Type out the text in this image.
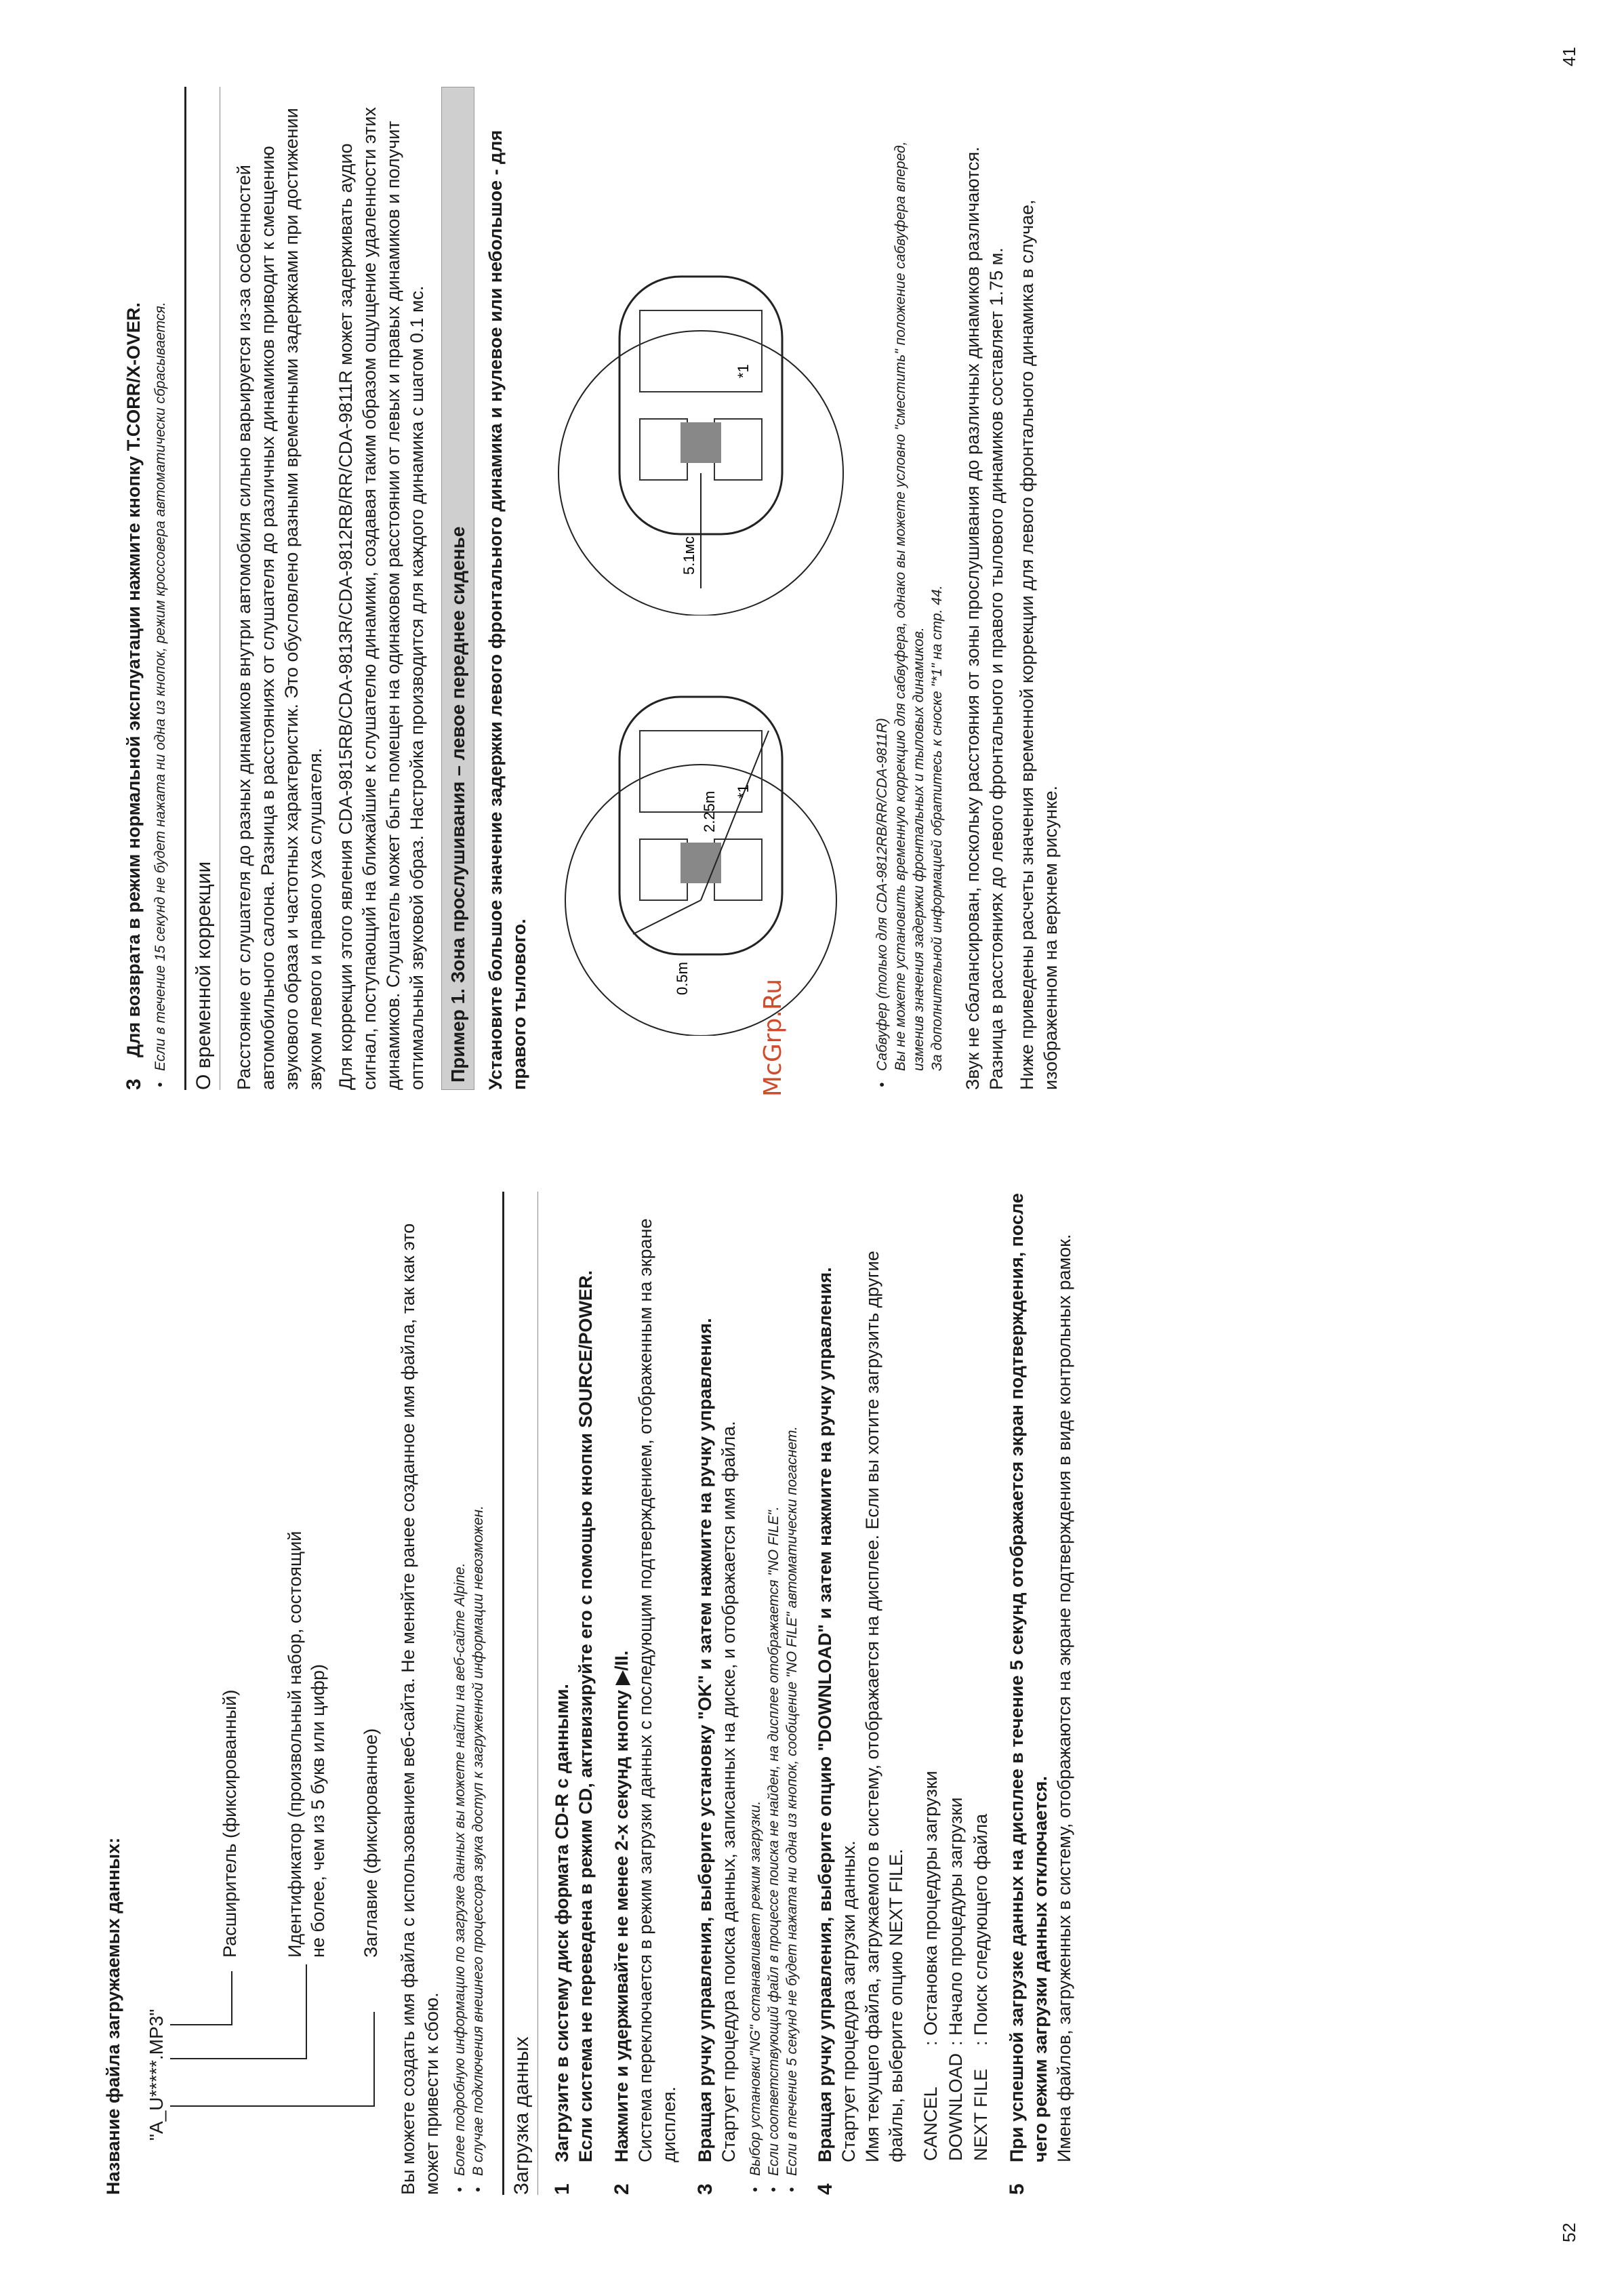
52

Название файла загружаемых данных: "A_U*****.MP3"
Расширитель (фиксированный) Идентификатор (произвольный набор, состоящий не более, чем из 5 букв или цифр) Заглавие (фиксированное) Вы можете создать имя файла с использованием веб-сайта. Не меняйте ранее созданное имя файла, так как это может привести к сбою. • Более подробную информацию по загрузке данных вы можете найти на веб-сайте Alpine. • В случае подключения внешнего процессора звука доступ к загруженной информации невозможен.	Загрузка данных 1
Загрузите в систему диск формата CD-R с данными. Если система не переведена в режим CD, активизируйте его с помощью кнопки SOURCE/POWER.
2
Нажмите и удерживайте не менее 2-х секунд кнопку ▶/II. Система переключается в режим загрузки данных с последующим подтверждением, отображенным на экране дисплея.
3
Вращая ручку управления, выберите установку "OK" и затем нажмите на ручку управления. Стартует процедура поиска данных, записанных на диске, и отображается имя файла. • Выбор установки"NG" останавливает режим загрузки. • Если соответствующий файл в процессе поиска не найден, на дисплее отображается "NO FILE". • Если в течение 5 секунд не будет нажата ни одна из кнопок, сообщение "NO FILE" автоматически погаснет.
4
Вращая ручку управления, выберите опцию "DOWNLOAD" и затем нажмите на ручку управления. Стартует процедура загрузки данных. Имя текущего файла, загружаемого в систему, отображается на дисплее. Если вы хотите загрузить другие файлы, выберите опцию NEXT FILE. CANCEL
: Остановка процедуры загрузки
DOWNLOAD
: Начало процедуры загрузки
NEXT FILE
: Поиск следующего файла
5
При успешной загрузке данных на дисплее в течение 5 секунд отображается экран подтверждения, после чего режим загрузки данных отключается. Имена файлов, загруженных в систему, отображаются на экране подтверждения в виде контрольных рамок.
McGrp.Ru
41
3
Для возврата в режим нормальной эксплуатации нажмите кнопку T.CORR/X-OVER. • Если в течение 15 секунд не будет нажата ни одна из кнопок, режим кроссовера автоматически сбрасывается.	О временной коррекции Расстояние от слушателя до разных динамиков внутри автомобиля сильно варьируется из-за особенностей автомобильного салона. Разница в расстояниях от слушателя до различных динамиков приводит к смещению звукового образа и частотных характеристик. Это обусловлено разными временными задержками при достижении звуком левого и правого уха слушателя. Для коррекции этого явления CDA-9815RB/CDA-9813R/CDA-9812RB/RR/CDA-9811R может задерживать аудио сигнал, поступающий на ближайшие к слушателю динамики, создавая таким образом ощущение удаленности этих динамиков. Слушатель может быть помещен на одинаковом расстоянии от левых и правых динамиков и получит оптимальный звуковой образ. Настройка производится для каждого динамика с шагом 0.1 мс.	Пример 1. Зона прослушивания – левое переднее сиденье Установите большое значение задержки левого фронтального динамика и нулевое или небольшое - для правого тылового.	0.5m
2.25m *1
5.1мс
*1
• Сабвуфер (только для CDA-9812RB/RR/CDA-9811R) Вы не можете установить временную коррекцию для сабвуфера, однако вы можете условно "сместить" положение сабвуфера вперед, изменив значения задержки фронтальных и тыловых динамиков. За дополнительной информацией обратитесь к сноске "*1" на стр. 44. Звук не сбалансирован, поскольку расстояния от зоны прослушивания до различных динамиков различаются. Разница в расстояниях до левого фронтального и правого тылового динамиков составляет 1.75 м. Ниже приведены расчеты значения временной коррекции для левого фронтального динамика в случае, изображенном на верхнем рисунке.
